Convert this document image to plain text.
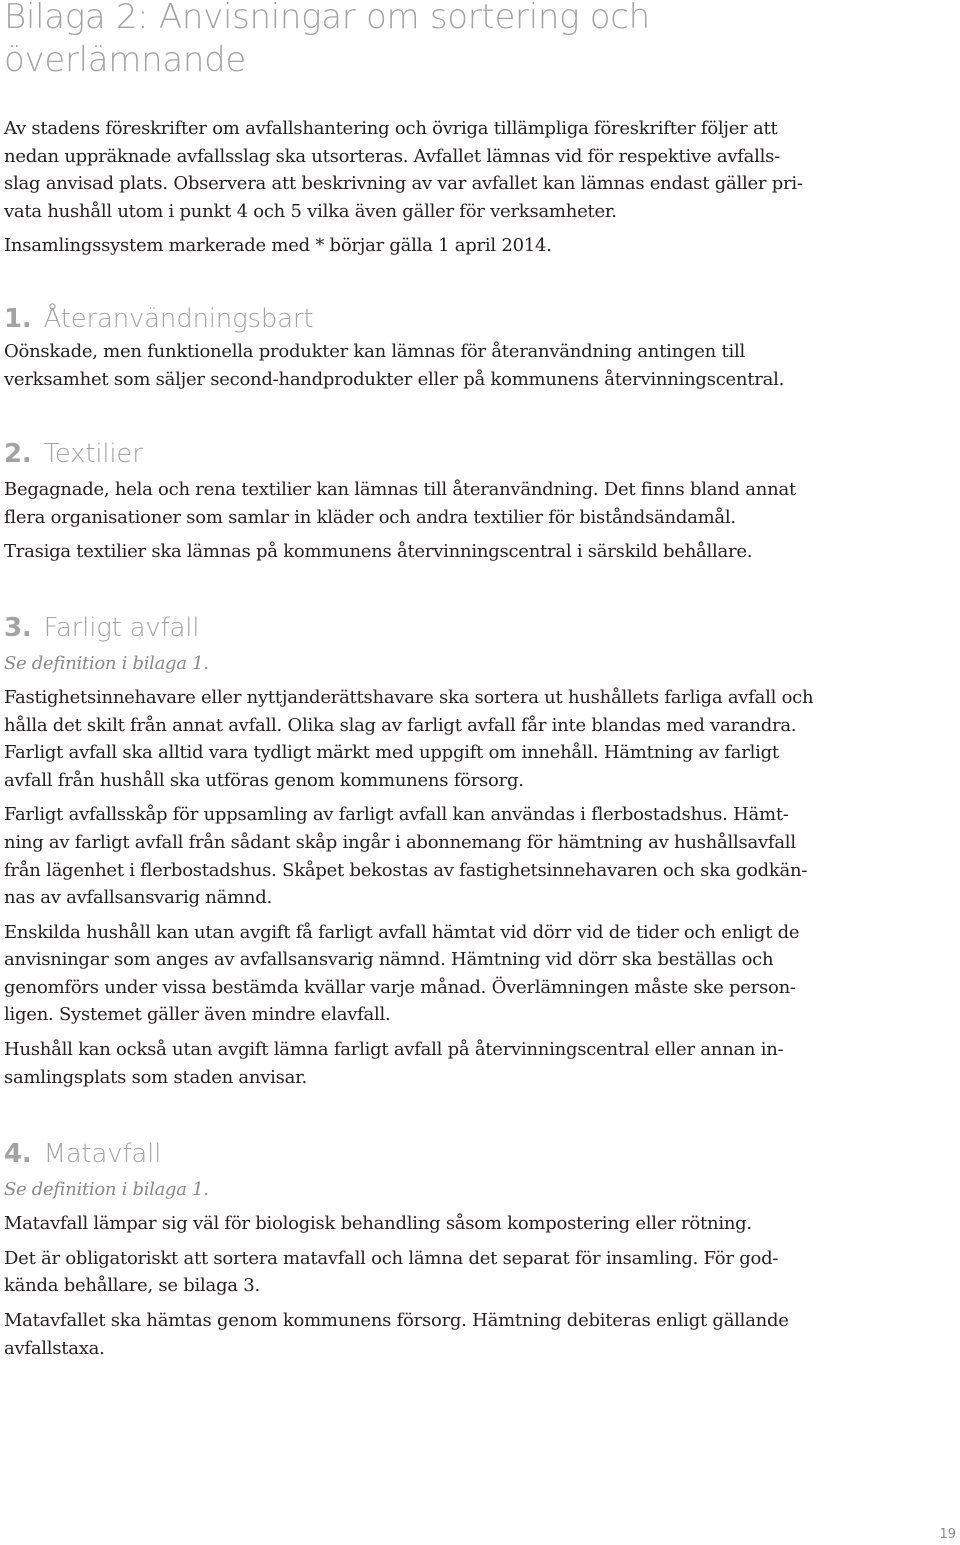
Bilaga 2: Anvisningar om sortering och
överlämnande

Av stadens föreskrifter om avfallshantering och övriga tillämpliga föreskrifter följer att
nedan uppräknade avfallsslag ska utsorteras. Avfallet lämnas vid för respektive avfalls-
slag anvisad plats. Observera att beskrivning av var avfallet kan lämnas endast gäller pri-
vata hushåll utom i punkt 4 och 5 vilka även gäller för verksamheter.

Insamlingssystem markerade med * börjar gälla 1 april 2014.

1. Återanvändningsbart

Oönskade, men funktionella produkter kan lämnas för återanvändning antingen till
verksamhet som säljer second-handprodukter eller på kommunens återvinningscentral.

2. Textilier

Begagnade, hela och rena textilier kan lämnas till återanvändning. Det finns bland annat
flera organisationer som samlar in kläder och andra textilier för biståndsändamål.

Trasiga textilier ska lämnas på kommunens återvinningscentral i särskild behållare.

3. Farligt avfall

Se definition i bilaga 1.

Fastighetsinnehavare eller nyttjanderättshavare ska sortera ut hushållets farliga avfall och
hålla det skilt från annat avfall. Olika slag av farligt avfall får inte blandas med varandra.
Farligt avfall ska alltid vara tydligt märkt med uppgift om innehåll. Hämtning av farligt
avfall från hushåll ska utföras genom kommunens försorg.

Farligt avfallsskåp för uppsamling av farligt avfall kan användas i flerbostadshus. Hämt-
ning av farligt avfall från sådant skåp ingår i abonnemang för hämtning av hushållsavfall
från lägenhet i flerbostadshus. Skåpet bekostas av fastighetsinnehavaren och ska godkän-
nas av avfallsansvarig nämnd.

Enskilda hushåll kan utan avgift få farligt avfall hämtat vid dörr vid de tider och enligt de
anvisningar som anges av avfallsansvarig nämnd. Hämtning vid dörr ska beställas och
genomförs under vissa bestämda kvällar varje månad. Överlämningen måste ske person-
ligen. Systemet gäller även mindre elavfall.

Hushåll kan också utan avgift lämna farligt avfall på återvinningscentral eller annan in-
samlingsplats som staden anvisar.

4. Matavfall

Se definition i bilaga 1.

Matavfall lämpar sig väl för biologisk behandling såsom kompostering eller rötning.

Det är obligatoriskt att sortera matavfall och lämna det separat för insamling. För god-
kända behållare, se bilaga 3.

Matavfallet ska hämtas genom kommunens försorg. Hämtning debiteras enligt gällande
avfallstaxa.

19
